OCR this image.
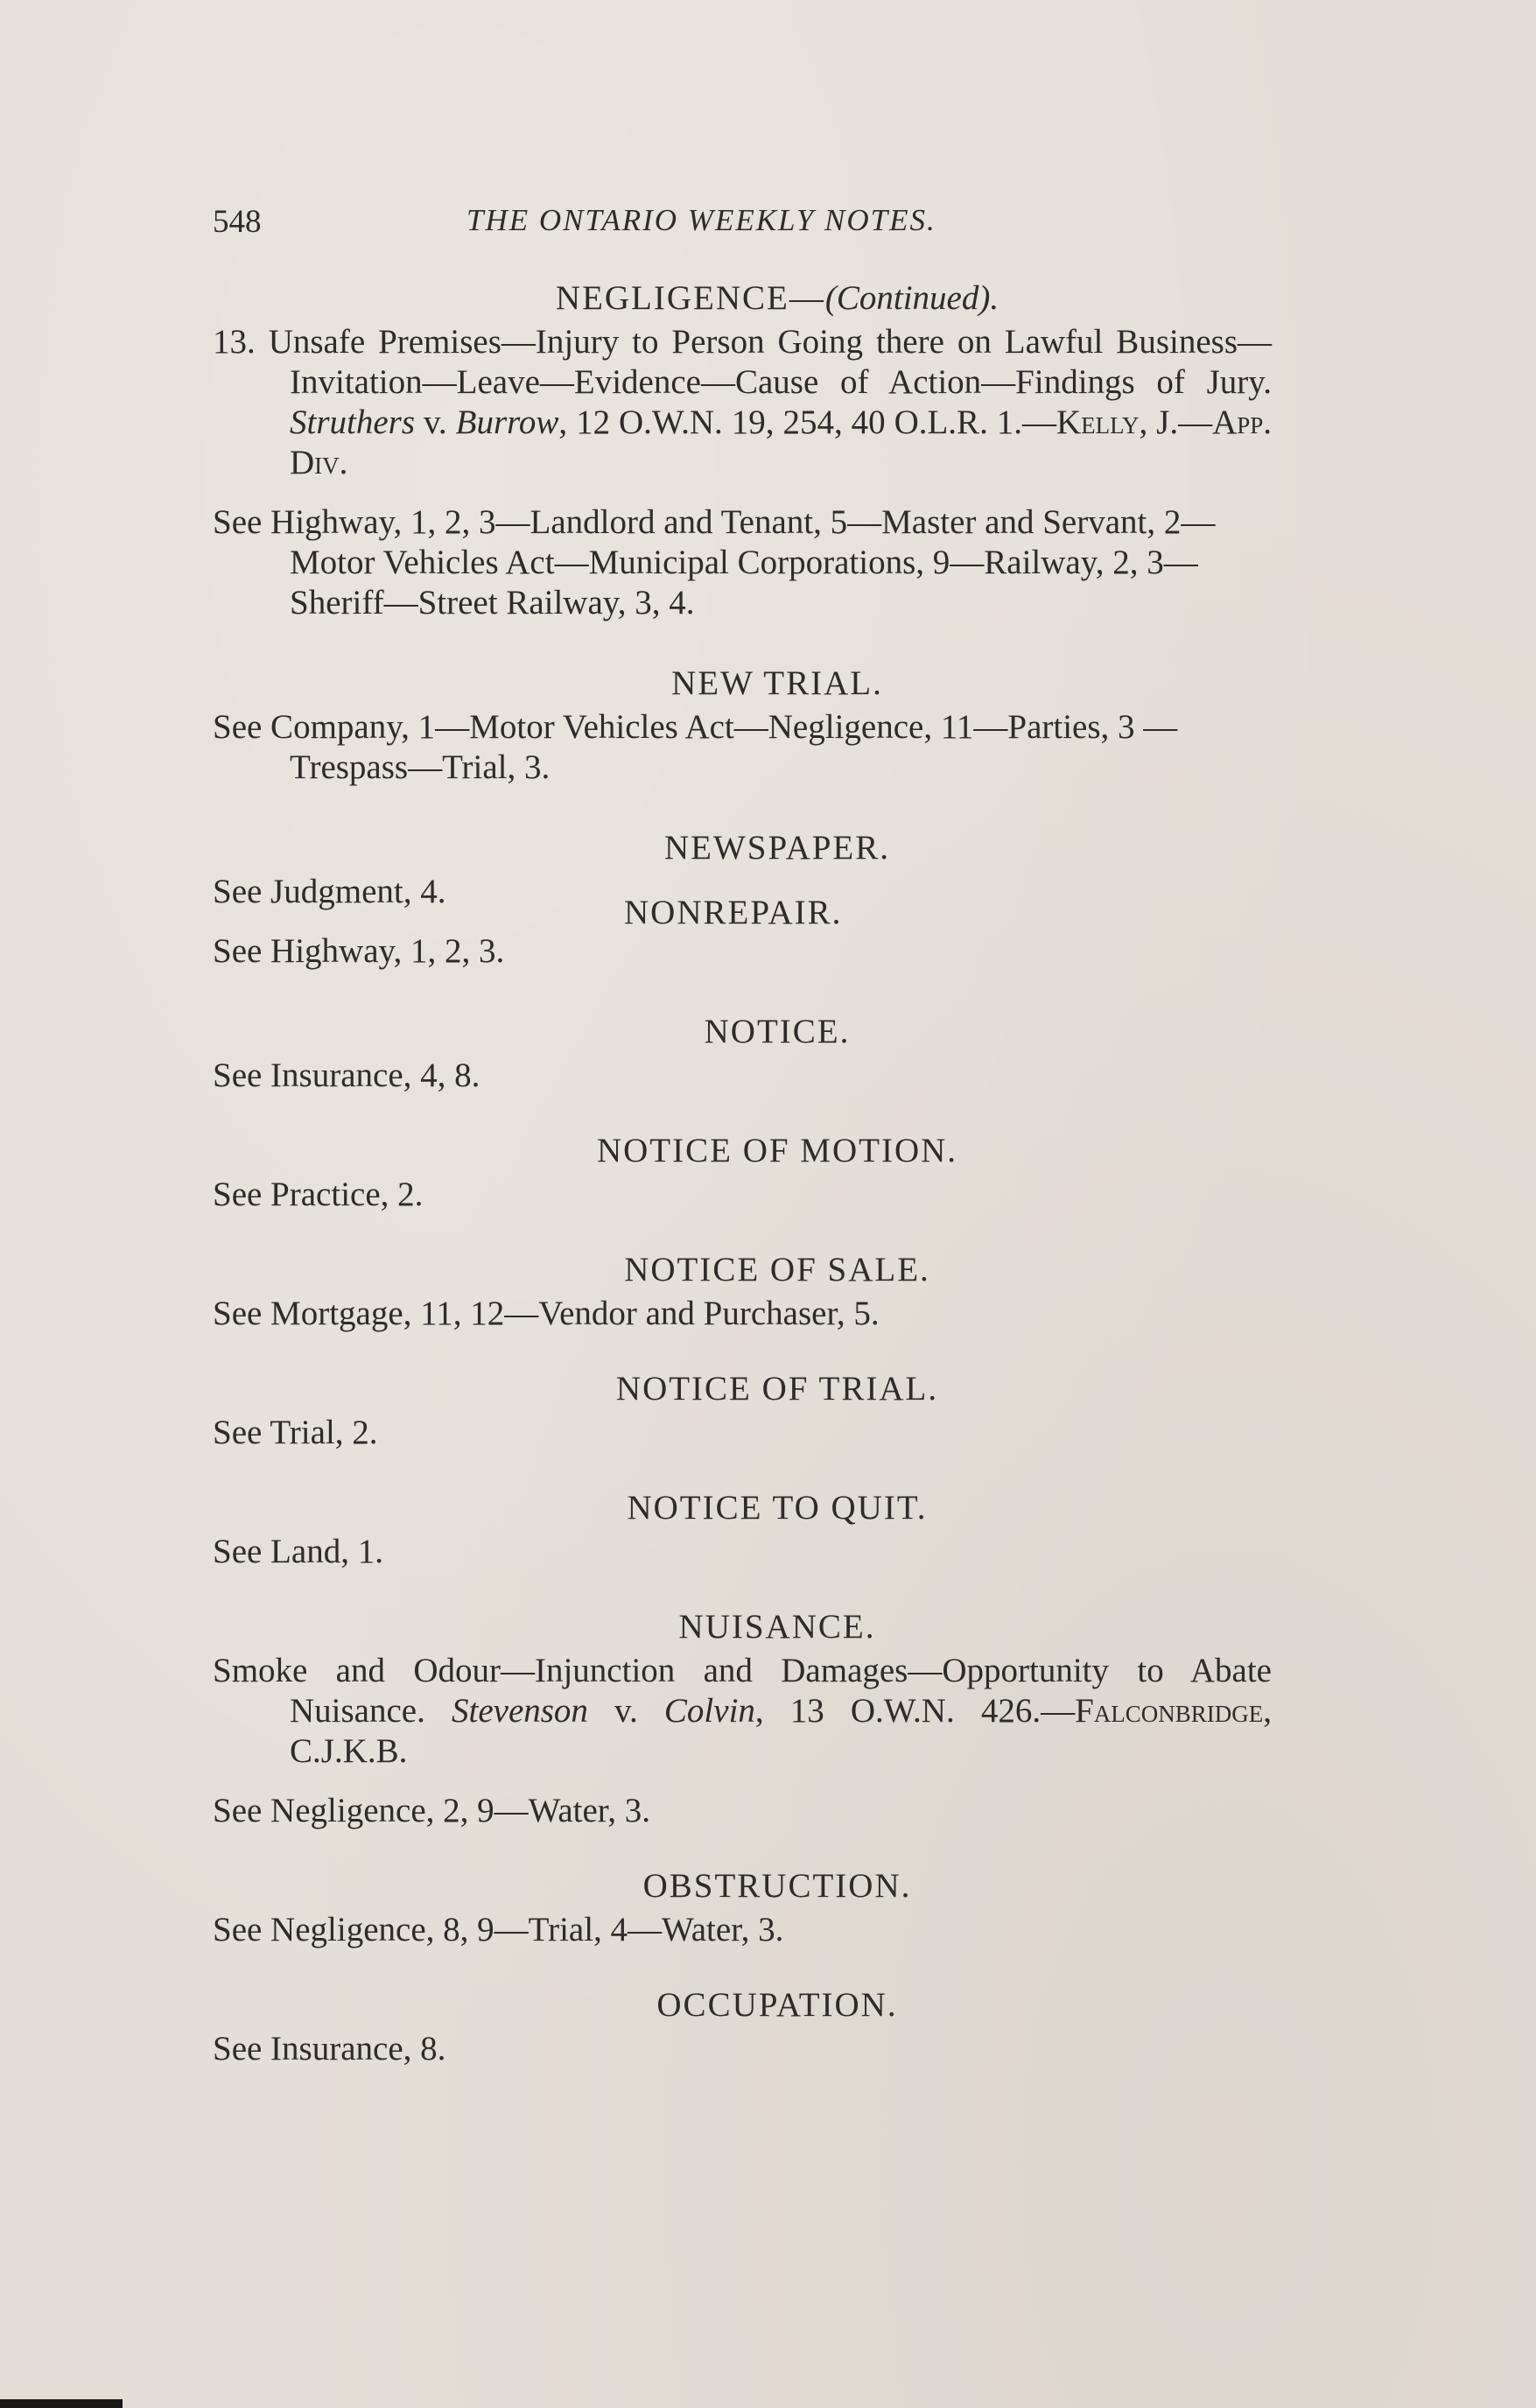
548	THE ONTARIO WEEKLY NOTES.
NEGLIGENCE—(Continued).
13. Unsafe Premises—Injury to Person Going there on Lawful Business—Invitation—Leave—Evidence—Cause of Action—Findings of Jury. Struthers v. Burrow, 12 O.W.N. 19, 254, 40 O.L.R. 1.—Kelly, J.—App. Div.
See Highway, 1, 2, 3—Landlord and Tenant, 5—Master and Servant, 2—Motor Vehicles Act—Municipal Corporations, 9—Railway, 2, 3—Sheriff—Street Railway, 3, 4.
NEW TRIAL.
See Company, 1—Motor Vehicles Act—Negligence, 11—Parties, 3 —Trespass—Trial, 3.
NEWSPAPER.
See Judgment, 4.
NONREPAIR.
See Highway, 1, 2, 3.
NOTICE.
See Insurance, 4, 8.
NOTICE OF MOTION.
See Practice, 2.
NOTICE OF SALE.
See Mortgage, 11, 12—Vendor and Purchaser, 5.
NOTICE OF TRIAL.
See Trial, 2.
NOTICE TO QUIT.
See Land, 1.
NUISANCE.
Smoke and Odour—Injunction and Damages—Opportunity to Abate Nuisance. Stevenson v. Colvin, 13 O.W.N. 426.—Falconbridge, C.J.K.B.
See Negligence, 2, 9—Water, 3.
OBSTRUCTION.
See Negligence, 8, 9—Trial, 4—Water, 3.
OCCUPATION.
See Insurance, 8.
